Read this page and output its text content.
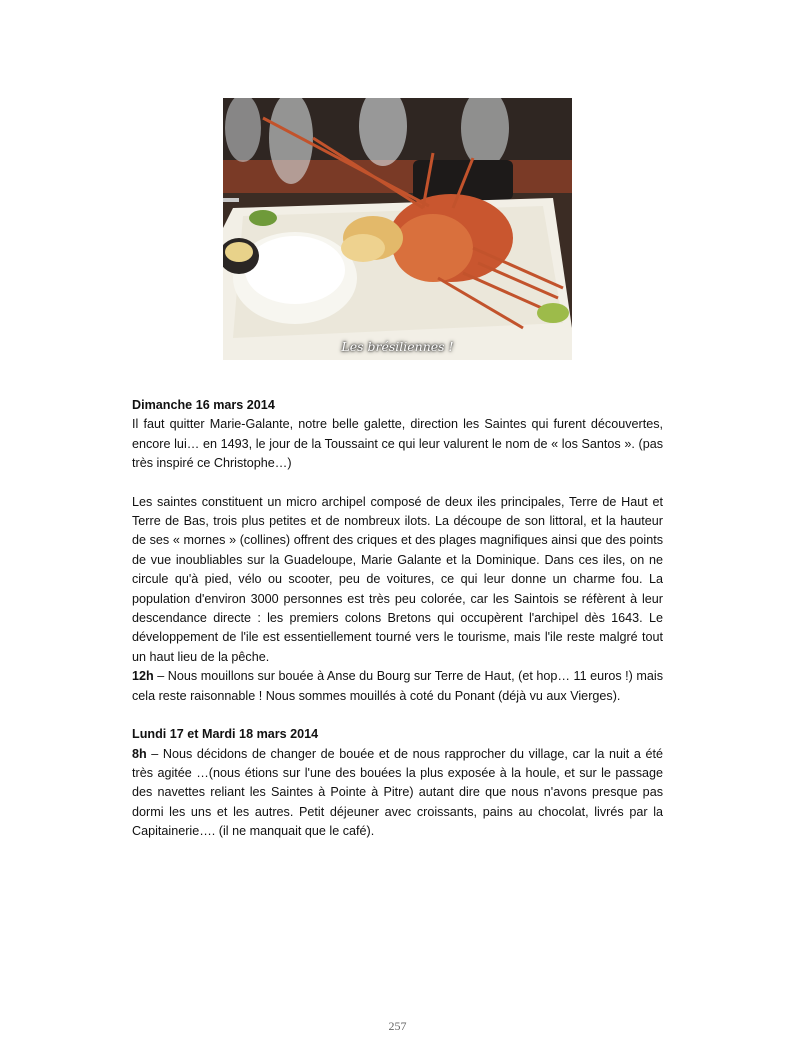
Les brésiliennes !

Dimanche 16 mars 2014

Il faut quitter Marie-Galante, notre belle galette, direction les Saintes qui furent découvertes, encore lui… en 1493, le jour de la Toussaint ce qui leur valurent le nom de « los Santos ». (pas très inspiré ce Christophe…)

Les saintes constituent un micro archipel composé de deux iles principales, Terre de Haut et Terre de Bas, trois plus petites et de nombreux ilots. La découpe de son littoral, et la hauteur de ses « mornes » (collines) offrent des criques et des plages magnifiques ainsi que des points de vue inoubliables sur la Guadeloupe, Marie Galante et la Dominique. Dans ces iles, on ne circule qu'à pied, vélo ou scooter, peu de voitures, ce qui leur donne un charme fou. La population d'environ 3000 personnes est très peu colorée, car les Saintois se réfèrent à leur descendance directe : les premiers colons Bretons qui occupèrent l'archipel dès 1643. Le développement de l'ile est essentiellement tourné vers le tourisme, mais l'ile reste malgré tout un haut lieu de la pêche.

12h – Nous mouillons sur bouée à Anse du Bourg sur Terre de Haut, (et hop… 11 euros !) mais cela reste raisonnable ! Nous sommes mouillés à coté du Ponant (déjà vu aux Vierges).

Lundi 17 et Mardi 18 mars 2014

8h – Nous décidons de changer de bouée et de nous rapprocher du village, car la nuit a été très agitée …(nous étions sur l'une des bouées la plus exposée à la houle, et sur le passage des navettes reliant les Saintes à Pointe à Pitre) autant dire que nous n'avons presque pas dormi les uns et les autres. Petit déjeuner avec croissants, pains au chocolat, livrés par la Capitainerie…. (il ne manquait que le café).

257
